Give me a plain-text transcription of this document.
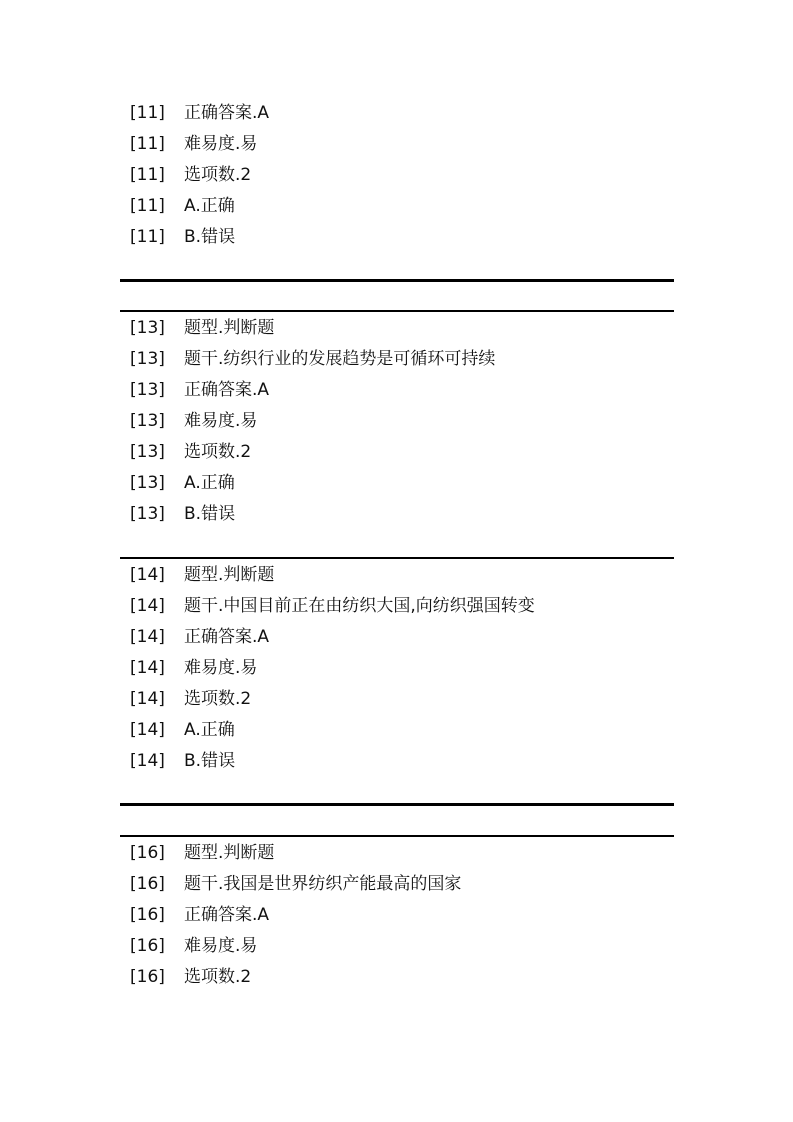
[11] 正确答案.A
[11] 难易度.易
[11] 选项数.2
[11] A.正确
[11] B.错误
[13] 题型.判断题
[13] 题干.纺织行业的发展趋势是可循环可持续
[13] 正确答案.A
[13] 难易度.易
[13] 选项数.2
[13] A.正确
[13] B.错误
[14] 题型.判断题
[14] 题干.中国目前正在由纺织大国,向纺织强国转变
[14] 正确答案.A
[14] 难易度.易
[14] 选项数.2
[14] A.正确
[14] B.错误
[16] 题型.判断题
[16] 题干.我国是世界纺织产能最高的国家
[16] 正确答案.A
[16] 难易度.易
[16] 选项数.2
